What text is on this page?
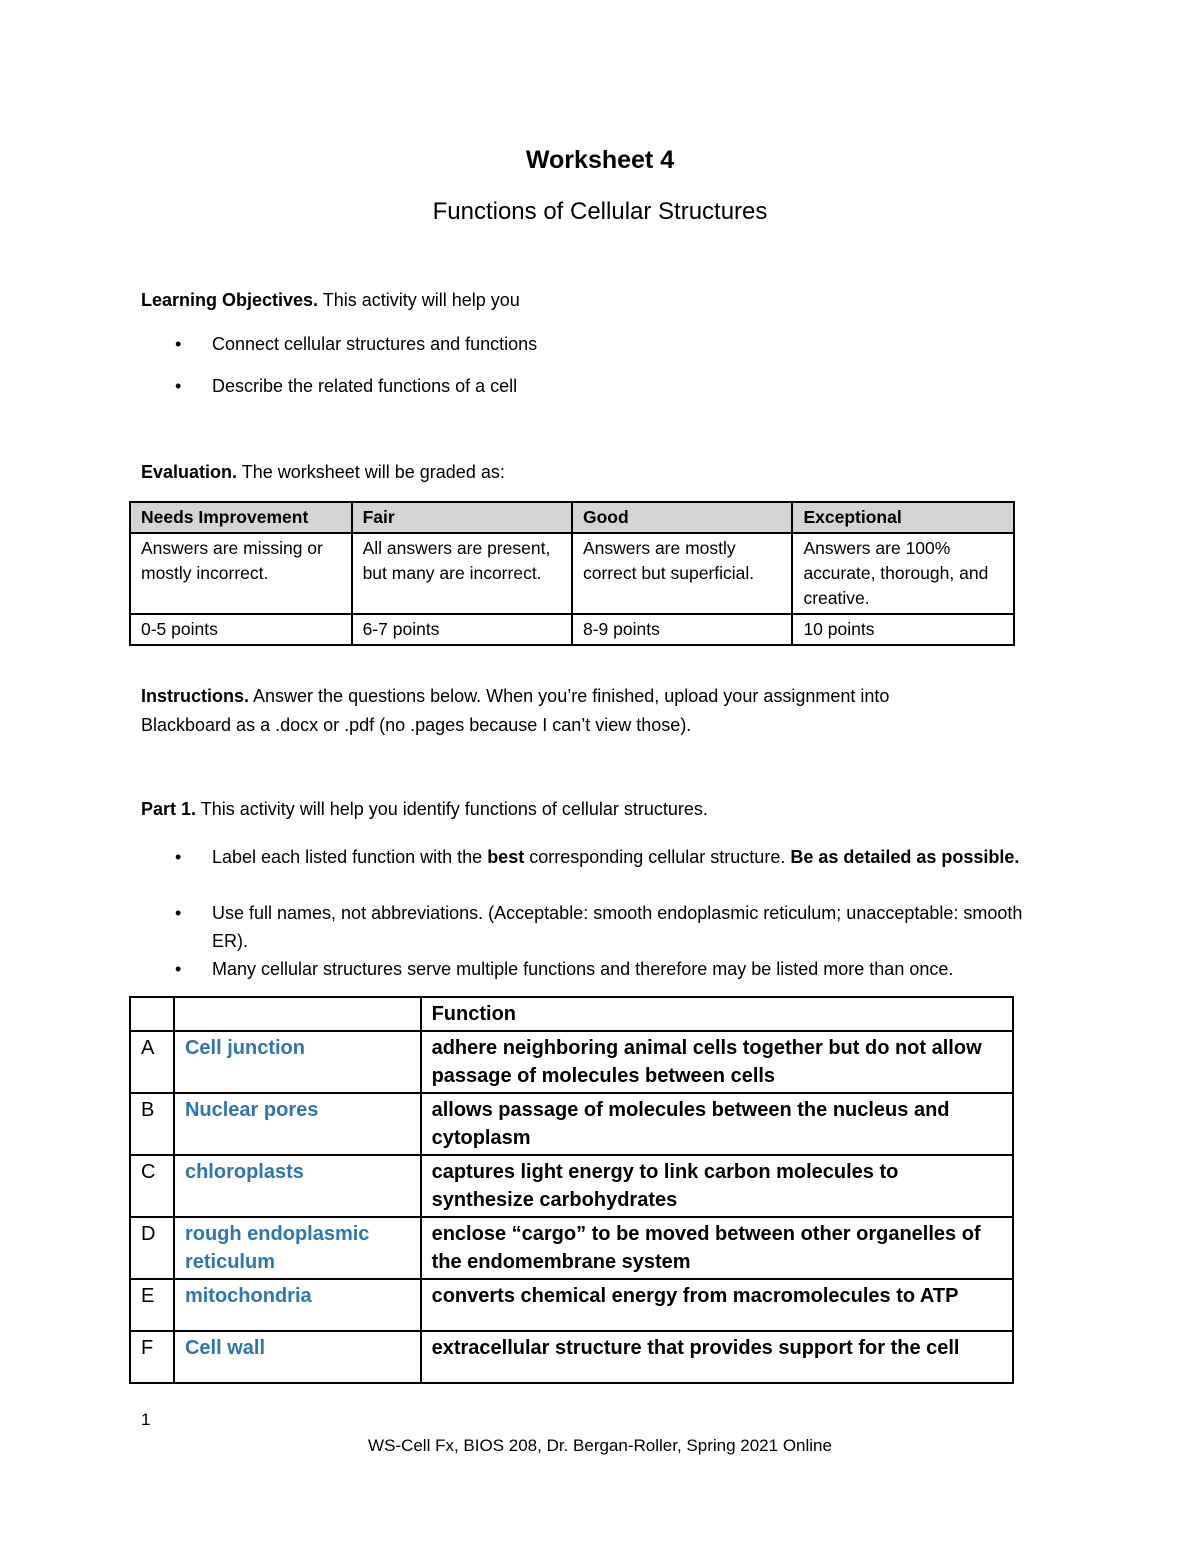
Worksheet 4
Functions of Cellular Structures
Learning Objectives. This activity will help you
• Connect cellular structures and functions
• Describe the related functions of a cell
Evaluation. The worksheet will be graded as:
Needs Improvement	Fair	Good	Exceptional
Answers are missing or mostly incorrect.	All answers are present, but many are incorrect.	Answers are mostly correct but superficial.	Answers are 100% accurate, thorough, and creative.
0-5 points	6-7 points	8-9 points	10 points
Instructions. Answer the questions below. When you’re finished, upload your assignment into Blackboard as a .docx or .pdf (no .pages because I can’t view those).
Part 1. This activity will help you identify functions of cellular structures.
• Label each listed function with the best corresponding cellular structure. Be as detailed as possible.
• Use full names, not abbreviations. (Acceptable: smooth endoplasmic reticulum; unacceptable: smooth ER).
• Many cellular structures serve multiple functions and therefore may be listed more than once.
		Function
A	Cell junction	adhere neighboring animal cells together but do not allow passage of molecules between cells
B	Nuclear pores	allows passage of molecules between the nucleus and cytoplasm
C	chloroplasts	captures light energy to link carbon molecules to synthesize carbohydrates
D	rough endoplasmic reticulum	enclose “cargo” to be moved between other organelles of the endomembrane system
E	mitochondria	converts chemical energy from macromolecules to ATP
F	Cell wall	extracellular structure that provides support for the cell
1
WS-Cell Fx, BIOS 208, Dr. Bergan-Roller, Spring 2021 Online
